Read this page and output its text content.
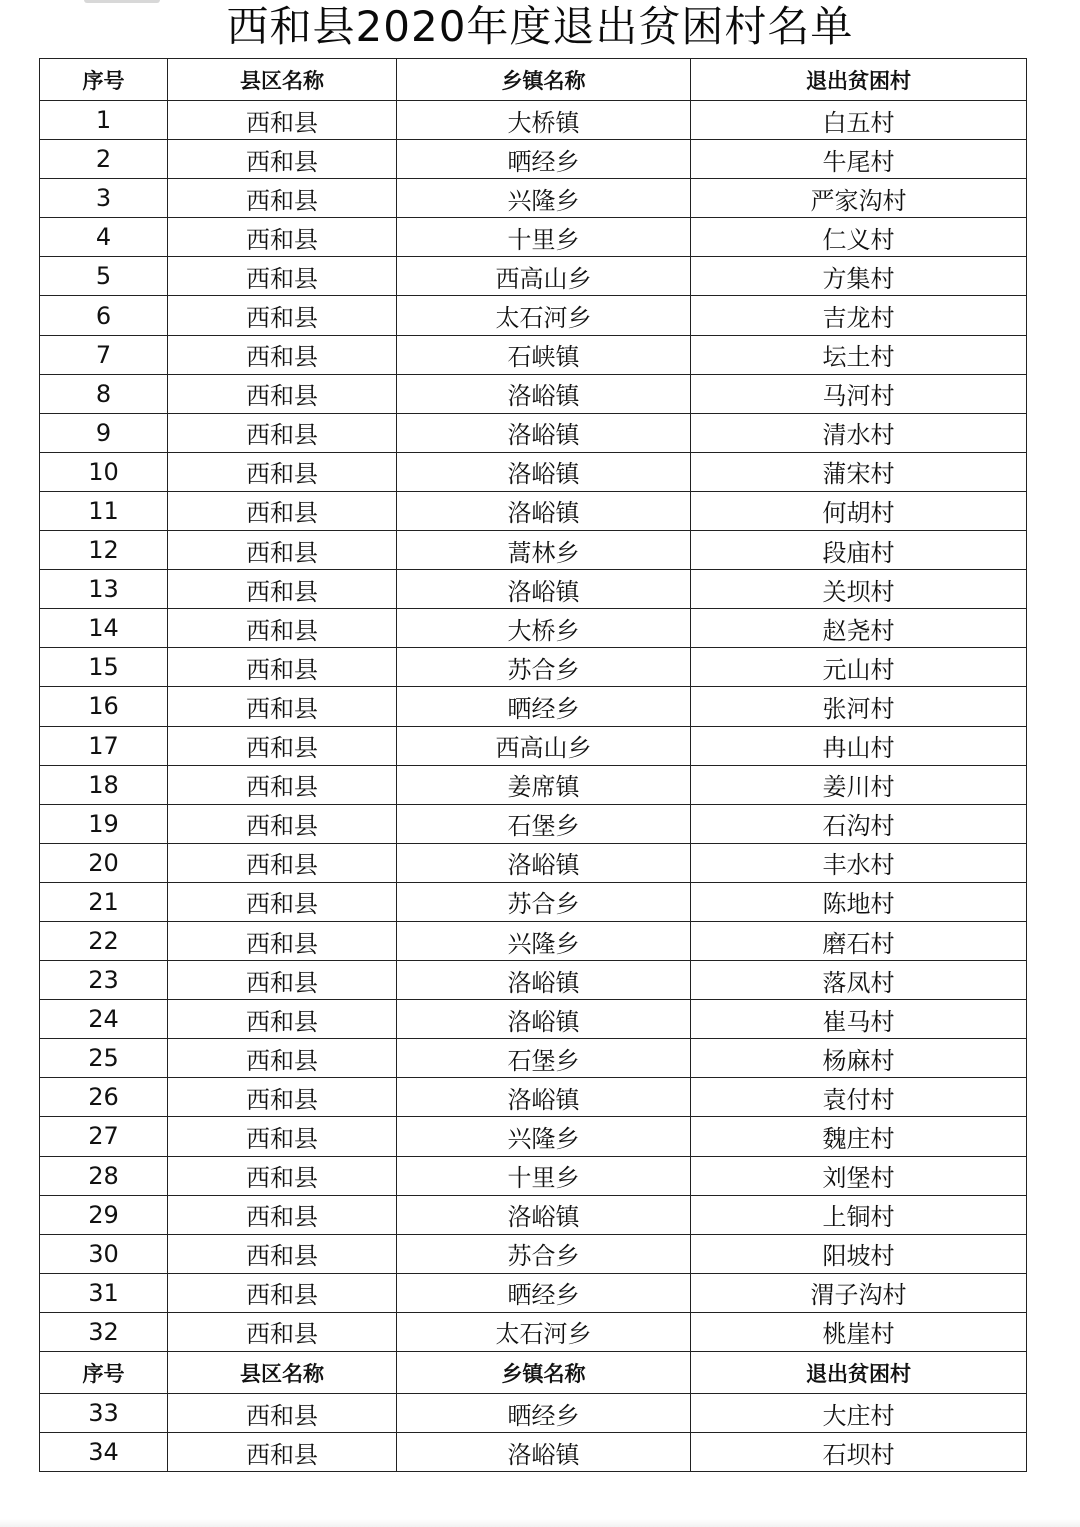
西和县2020年度退出贫困村名单
序号	县区名称	乡镇名称	退出贫困村
1	西和县	大桥镇	白五村
2	西和县	晒经乡	牛尾村
3	西和县	兴隆乡	严家沟村
4	西和县	十里乡	仁义村
5	西和县	西高山乡	方集村
6	西和县	太石河乡	吉龙村
7	西和县	石峡镇	坛土村
8	西和县	洛峪镇	马河村
9	西和县	洛峪镇	清水村
10	西和县	洛峪镇	蒲宋村
11	西和县	洛峪镇	何胡村
12	西和县	蒿林乡	段庙村
13	西和县	洛峪镇	关坝村
14	西和县	大桥乡	赵尧村
15	西和县	苏合乡	元山村
16	西和县	晒经乡	张河村
17	西和县	西高山乡	冉山村
18	西和县	姜席镇	姜川村
19	西和县	石堡乡	石沟村
20	西和县	洛峪镇	丰水村
21	西和县	苏合乡	陈地村
22	西和县	兴隆乡	磨石村
23	西和县	洛峪镇	落凤村
24	西和县	洛峪镇	崔马村
25	西和县	石堡乡	杨麻村
26	西和县	洛峪镇	袁付村
27	西和县	兴隆乡	魏庄村
28	西和县	十里乡	刘堡村
29	西和县	洛峪镇	上铜村
30	西和县	苏合乡	阳坡村
31	西和县	晒经乡	渭子沟村
32	西和县	太石河乡	桃崖村
序号	县区名称	乡镇名称	退出贫困村
33	西和县	晒经乡	大庄村
34	西和县	洛峪镇	石坝村
